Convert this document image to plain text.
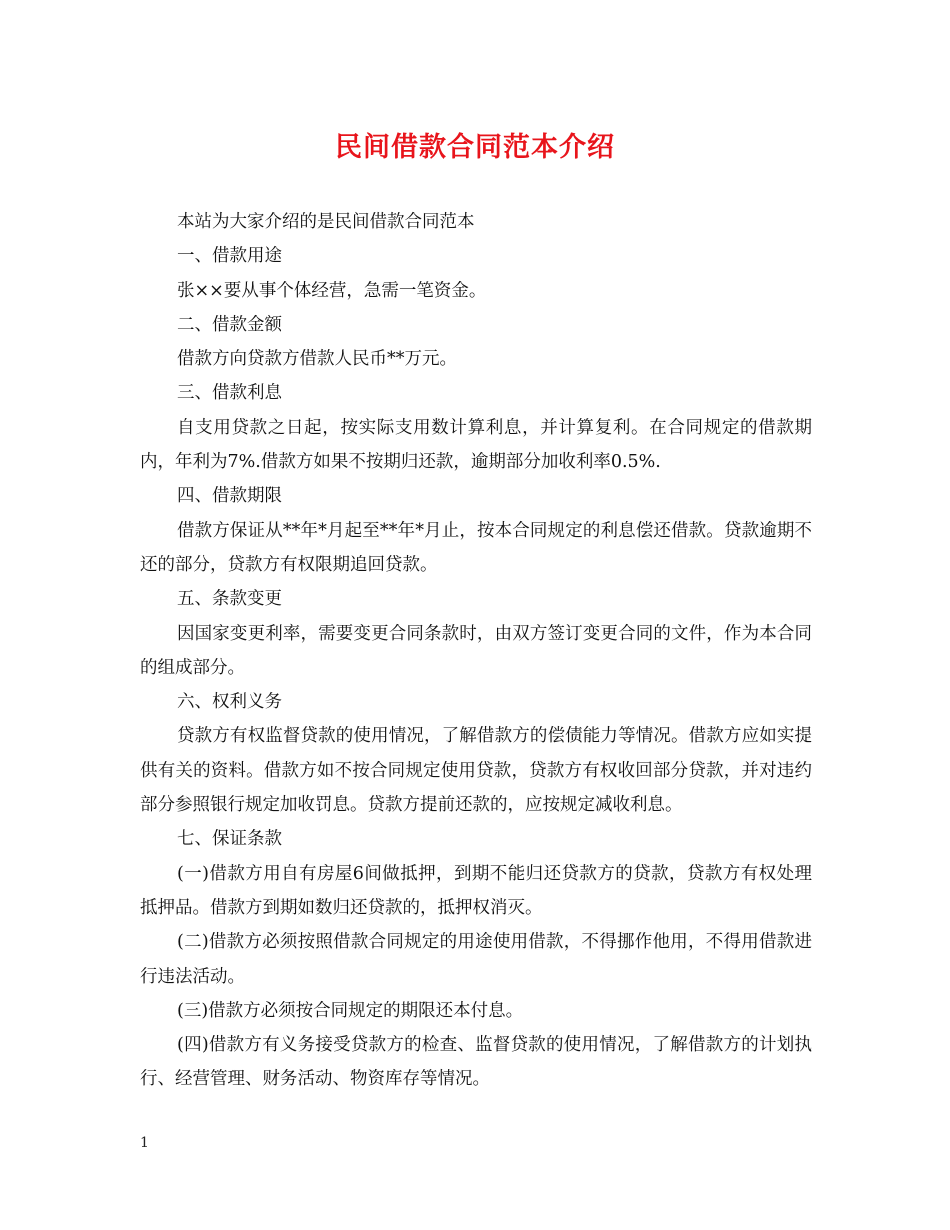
民间借款合同范本介绍

本站为大家介绍的是民间借款合同范本

一、借款用途

张××要从事个体经营，急需一笔资金。

二、借款金额

借款方向贷款方借款人民币**万元。

三、借款利息

自支用贷款之日起，按实际支用数计算利息，并计算复利。在合同规定的借款期内，年利为7%.借款方如果不按期归还款，逾期部分加收利率0.5%.

四、借款期限

借款方保证从**年*月起至**年*月止，按本合同规定的利息偿还借款。贷款逾期不还的部分，贷款方有权限期追回贷款。

五、条款变更

因国家变更利率，需要变更合同条款时，由双方签订变更合同的文件，作为本合同的组成部分。

六、权利义务

贷款方有权监督贷款的使用情况，了解借款方的偿债能力等情况。借款方应如实提供有关的资料。借款方如不按合同规定使用贷款，贷款方有权收回部分贷款，并对违约部分参照银行规定加收罚息。贷款方提前还款的，应按规定减收利息。

七、保证条款

(一)借款方用自有房屋6间做抵押，到期不能归还贷款方的贷款，贷款方有权处理抵押品。借款方到期如数归还贷款的，抵押权消灭。

(二)借款方必须按照借款合同规定的用途使用借款，不得挪作他用，不得用借款进行违法活动。

(三)借款方必须按合同规定的期限还本付息。

(四)借款方有义务接受贷款方的检查、监督贷款的使用情况，了解借款方的计划执行、经营管理、财务活动、物资库存等情况。

1
